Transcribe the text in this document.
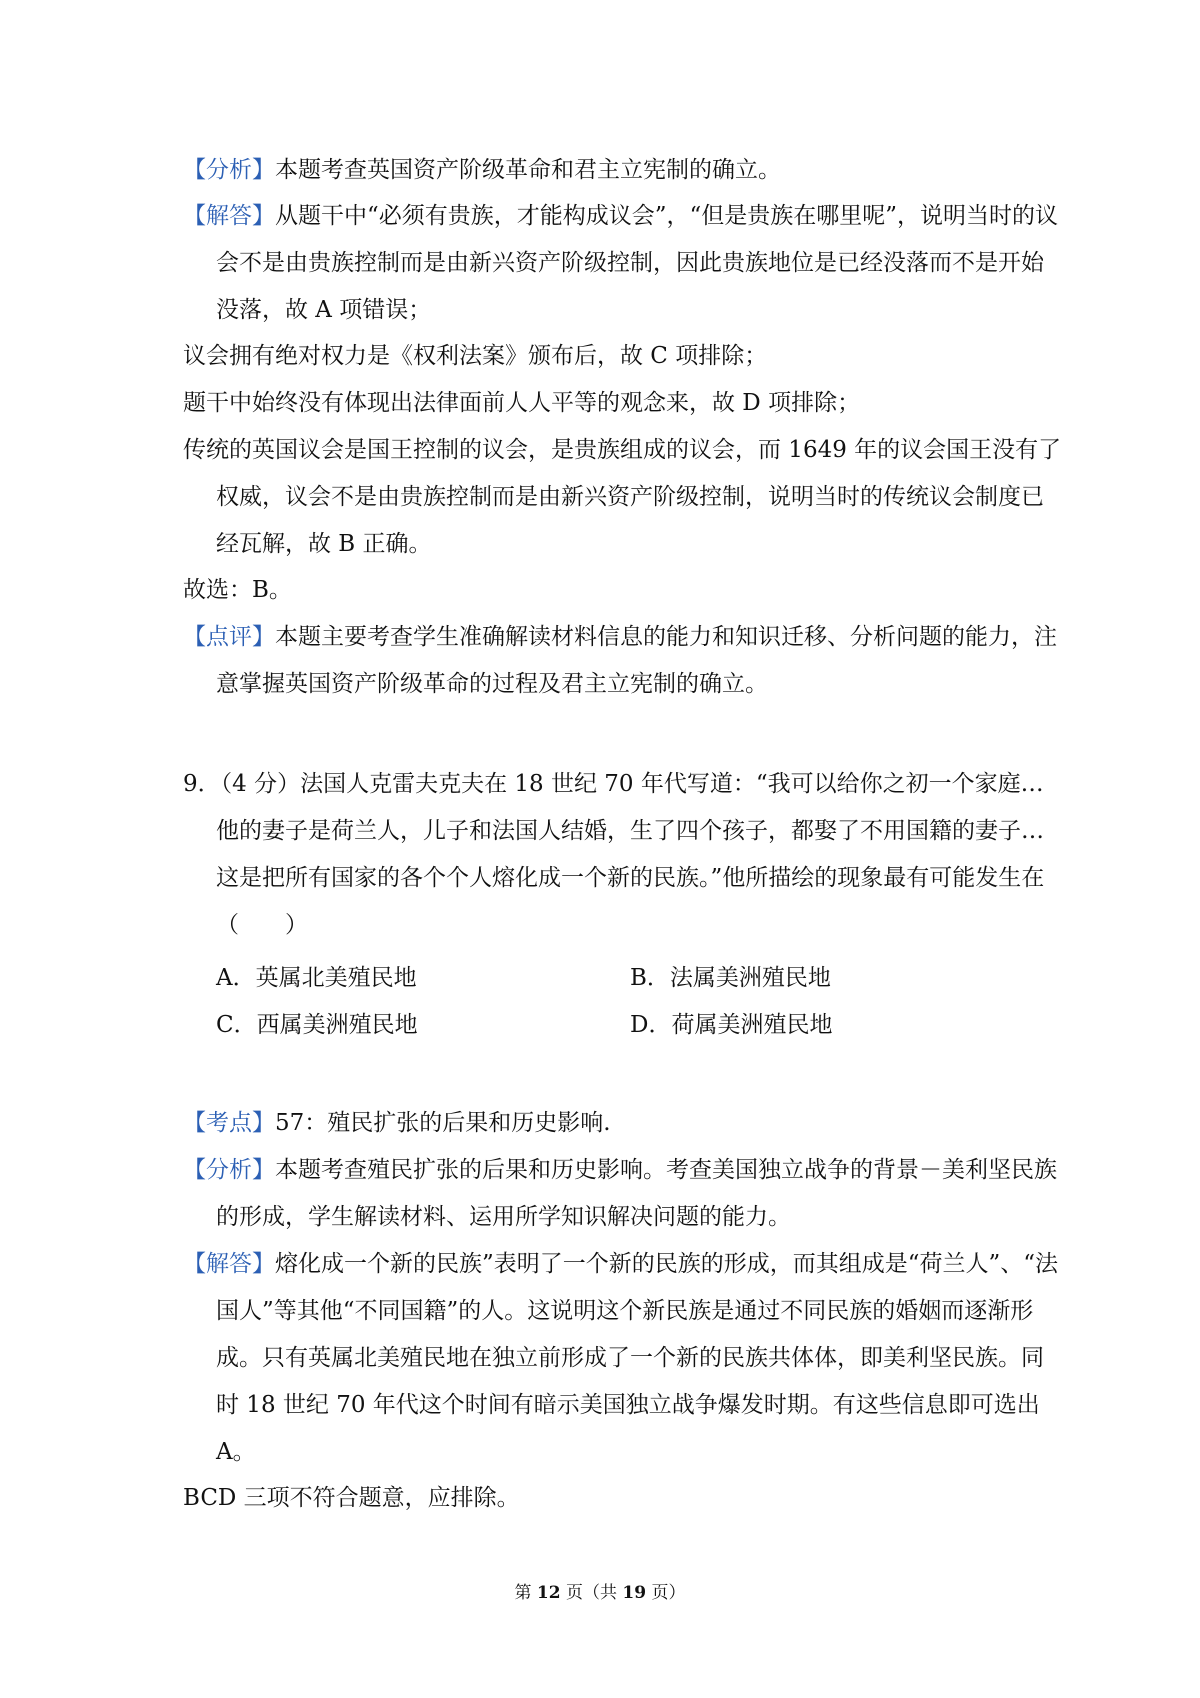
【分析】本题考查英国资产阶级革命和君主立宪制的确立。

【解答】从题干中“必须有贵族，才能构成议会”，“但是贵族在哪里呢”，说明当时的议会不是由贵族控制而是由新兴资产阶级控制，因此贵族地位是已经没落而不是开始没落，故 A 项错误；

议会拥有绝对权力是《权利法案》颁布后，故 C 项排除；

题干中始终没有体现出法律面前人人平等的观念来，故 D 项排除；

传统的英国议会是国王控制的议会，是贵族组成的议会，而 1649 年的议会国王没有了权威，议会不是由贵族控制而是由新兴资产阶级控制，说明当时的传统议会制度已经瓦解，故 B 正确。

故选：B。

【点评】本题主要考查学生准确解读材料信息的能力和知识迁移、分析问题的能力，注意掌握英国资产阶级革命的过程及君主立宪制的确立。

9．（4 分）法国人克雷夫克夫在 18 世纪 70 年代写道：“我可以给你之初一个家庭…他的妻子是荷兰人，儿子和法国人结婚，生了四个孩子，都娶了不用国籍的妻子…这是把所有国家的各个个人熔化成一个新的民族。”他所描绘的现象最有可能发生在（　　）

A．英属北美殖民地	B．法属美洲殖民地
C．西属美洲殖民地	D．荷属美洲殖民地

【考点】57：殖民扩张的后果和历史影响.

【分析】本题考查殖民扩张的后果和历史影响。考查美国独立战争的背景－美利坚民族的形成，学生解读材料、运用所学知识解决问题的能力。

【解答】熔化成一个新的民族”表明了一个新的民族的形成，而其组成是“荷兰人”、“法国人”等其他“不同国籍”的人。这说明这个新民族是通过不同民族的婚姻而逐渐形成。只有英属北美殖民地在独立前形成了一个新的民族共体体，即美利坚民族。同时 18 世纪 70 年代这个时间有暗示美国独立战争爆发时期。有这些信息即可选出 A。

BCD 三项不符合题意，应排除。

第 12 页（共 19 页）
